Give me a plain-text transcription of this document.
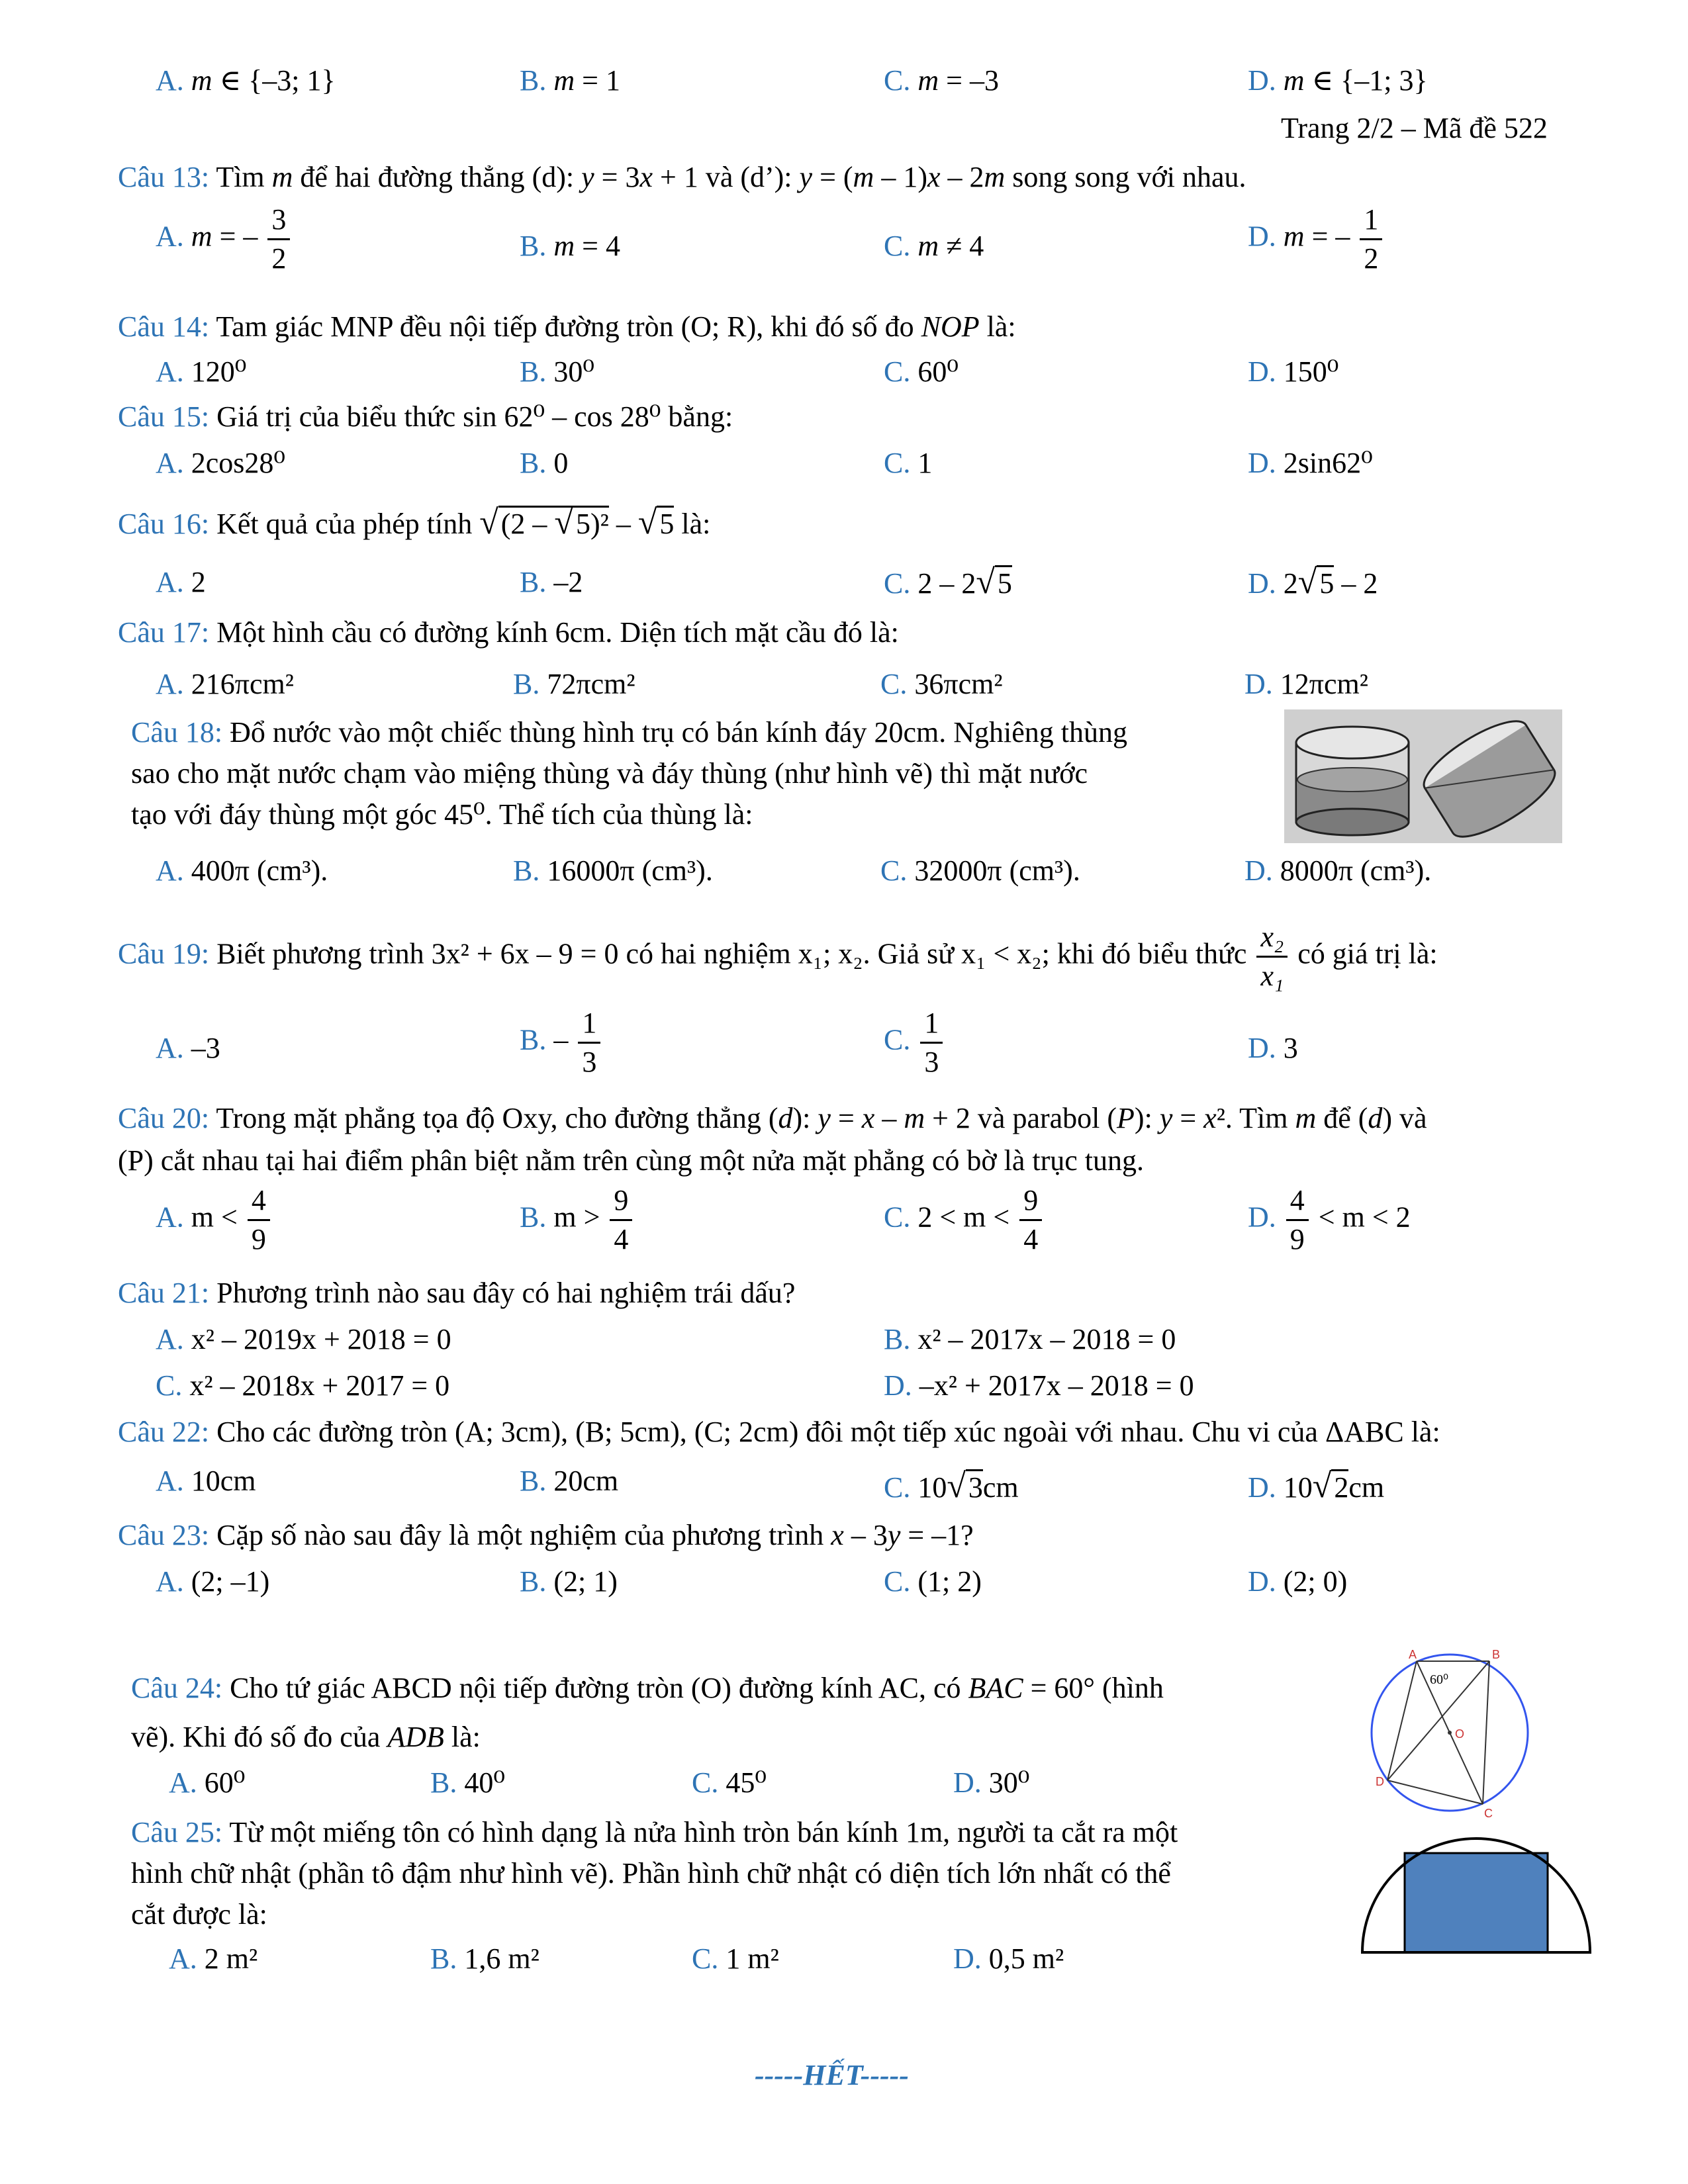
A. m ∈ {–3; 1}	B. m = 1	C. m = –3	D. m ∈ {–1; 3}
Trang 2/2 – Mã đề 522
Câu 13: Tìm m để hai đường thẳng (d): y = 3x + 1 và (d’): y = (m – 1)x – 2m song song với nhau.
A. m = – $\frac{3}{2}$	B. m = 4	C. m ≠ 4	D. m = – $\frac{1}{2}$
Câu 14: Tam giác MNP đều nội tiếp đường tròn (O; R), khi đó số đo NOP là:
A. 120⁰	B. 30⁰	C. 60⁰	D. 150⁰
Câu 15: Giá trị của biểu thức sin 62⁰ – cos 28⁰ bằng:
A. 2cos28⁰	B. 0	C. 1	D. 2sin62⁰
Câu 16: Kết quả của phép tính √(2 – √5)² – √5 là:
A. 2	B. –2	C. 2 – 2√5	D. 2√5 – 2
Câu 17: Một hình cầu có đường kính 6cm. Diện tích mặt cầu đó là:
A. 216πcm²	B. 72πcm²	C. 36πcm²	D. 12πcm²
Câu 18: Đổ nước vào một chiếc thùng hình trụ có bán kính đáy 20cm. Nghiêng thùng
sao cho mặt nước chạm vào miệng thùng và đáy thùng (như hình vẽ) thì mặt nước
tạo với đáy thùng một góc 45⁰. Thể tích của thùng là:
A. 400π (cm³).	B. 16000π (cm³).	C. 32000π (cm³).	D. 8000π (cm³).
Câu 19: Biết phương trình 3x² + 6x – 9 = 0 có hai nghiệm x₁; x₂. Giả sử x₁ < x₂; khi đó biểu thức $\frac{\text{x₂}}{\text{x₁}}$ có giá trị là:
A. –3	B. – $\frac{1}{3}$	C. $\frac{1}{3}$	D. 3
Câu 20: Trong mặt phẳng tọa độ Oxy, cho đường thẳng (d): y = x – m + 2 và parabol (P): y = x². Tìm m để (d) và
(P) cắt nhau tại hai điểm phân biệt nằm trên cùng một nửa mặt phẳng có bờ là trục tung.
A. $m < \frac{4}{9}$	B. $m > \frac{9}{4}$	C. $2 < m < \frac{9}{4}$	D. $\frac{4}{9} < m < 2$
Câu 21: Phương trình nào sau đây có hai nghiệm trái dấu?
A. x² – 2019x + 2018 = 0	B. x² – 2017x – 2018 = 0
C. x² – 2018x + 2017 = 0	D. –x² + 2017x – 2018 = 0
Câu 22: Cho các đường tròn (A; 3cm), (B; 5cm), (C; 2cm) đôi một tiếp xúc ngoài với nhau. Chu vi của ΔABC là:
A. 10cm	B. 20cm	C. 10√3cm	D. 10√2cm
Câu 23: Cặp số nào sau đây là một nghiệm của phương trình x – 3y = –1?
A. (2; –1)	B. (2; 1)	C. (1; 2)	D. (2; 0)
Câu 24: Cho tứ giác ABCD nội tiếp đường tròn (O) đường kính AC, có BAC = 60° (hình
vẽ). Khi đó số đo của ADB là:
A. 60⁰	B. 40⁰	C. 45⁰	D. 30⁰
A	B
C
D
O
60⁰
Câu 25: Từ một miếng tôn có hình dạng là nửa hình tròn bán kính 1m, người ta cắt ra một
hình chữ nhật (phần tô đậm như hình vẽ). Phần hình chữ nhật có diện tích lớn nhất có thể
cắt được là:
A. 2 m²	B. 1,6 m²	C. 1 m²	D. 0,5 m²
-----HẾT-----
